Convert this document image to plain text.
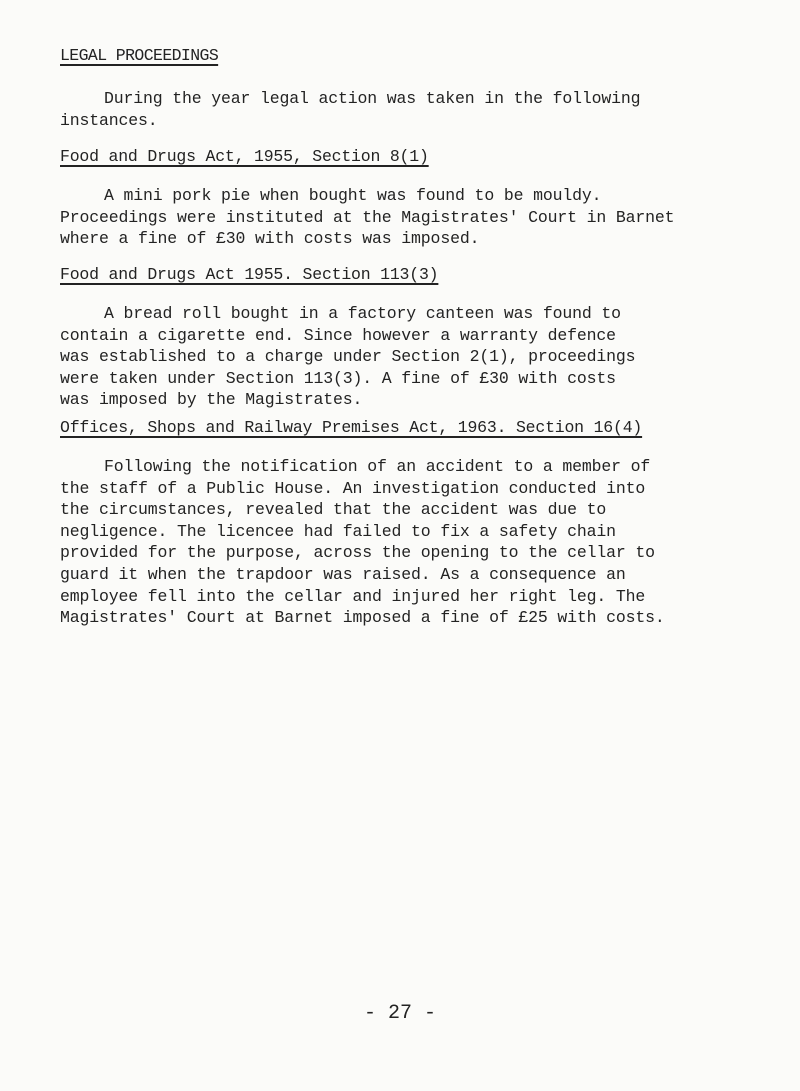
LEGAL PROCEEDINGS
During the year legal action was taken in the following
instances.
Food and Drugs Act, 1955, Section 8(1)
A mini pork pie when bought was found to be mouldy.
Proceedings were instituted at the Magistrates' Court in Barnet
where a fine of £30 with costs was imposed.
Food and Drugs Act 1955. Section 113(3)
A bread roll bought in a factory canteen was found to
contain a cigarette end. Since however a warranty defence
was established to a charge under Section 2(1), proceedings
were taken under Section 113(3). A fine of £30 with costs
was imposed by the Magistrates.
Offices, Shops and Railway Premises Act, 1963. Section 16(4)
Following the notification of an accident to a member of
the staff of a Public House. An investigation conducted into
the circumstances, revealed that the accident was due to
negligence. The licencee had failed to fix a safety chain
provided for the purpose, across the opening to the cellar to
guard it when the trapdoor was raised. As a consequence an
employee fell into the cellar and injured her right leg. The
Magistrates' Court at Barnet imposed a fine of £25 with costs.
- 27 -
